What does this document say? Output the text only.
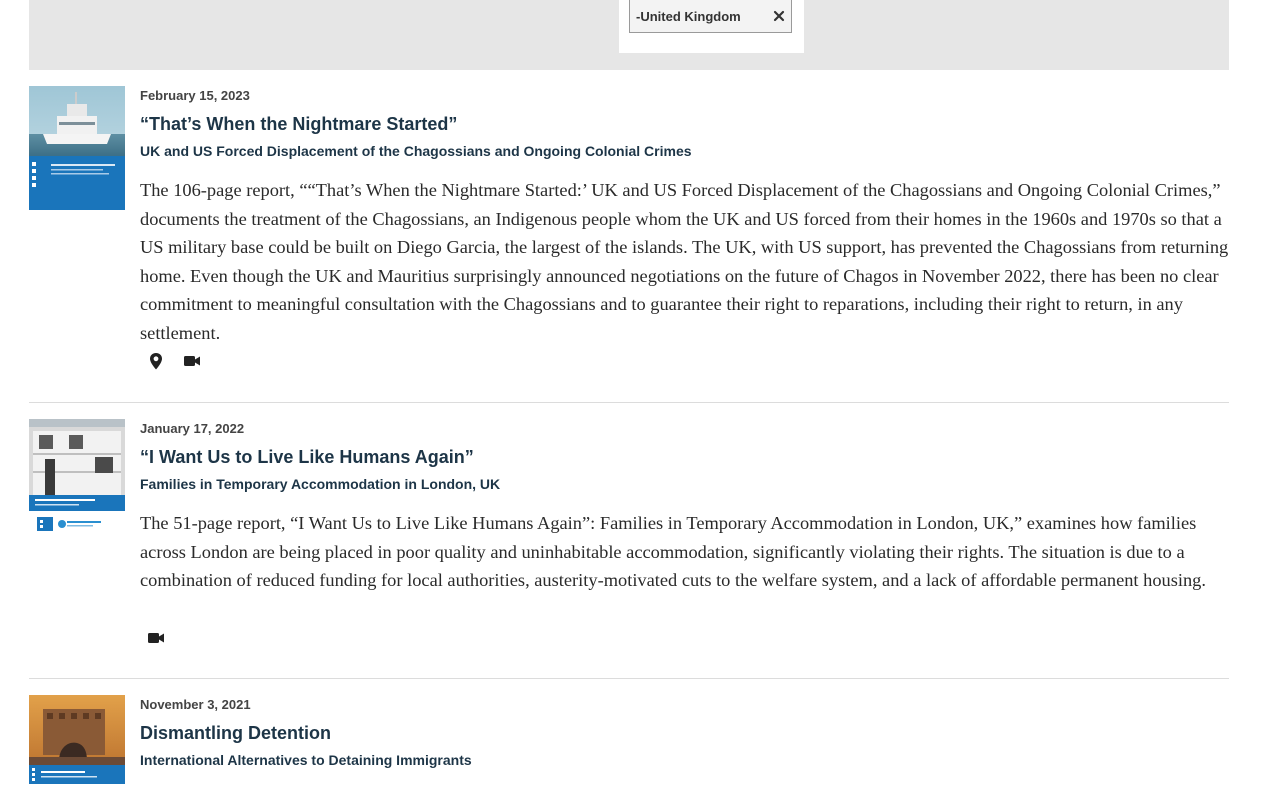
-United Kingdom
February 15, 2023
“That’s When the Nightmare Started”
UK and US Forced Displacement of the Chagossians and Ongoing Colonial Crimes

The 106-page report, ““That’s When the Nightmare Started:’ UK and US Forced Displacement of the Chagossians and Ongoing Colonial Crimes,” documents the treatment of the Chagossians, an Indigenous people whom the UK and US forced from their homes in the 1960s and 1970s so that a US military base could be built on Diego Garcia, the largest of the islands. The UK, with US support, has prevented the Chagossians from returning home. Even though the UK and Mauritius surprisingly announced negotiations on the future of Chagos in November 2022, there has been no clear commitment to meaningful consultation with the Chagossians and to guarantee their right to reparations, including their right to return, in any settlement.

January 17, 2022
“I Want Us to Live Like Humans Again”
Families in Temporary Accommodation in London, UK

The 51-page report, “I Want Us to Live Like Humans Again”: Families in Temporary Accommodation in London, UK,” examines how families across London are being placed in poor quality and uninhabitable accommodation, significantly violating their rights. The situation is due to a combination of reduced funding for local authorities, austerity-motivated cuts to the welfare system, and a lack of affordable permanent housing.

November 3, 2021
Dismantling Detention
International Alternatives to Detaining Immigrants
